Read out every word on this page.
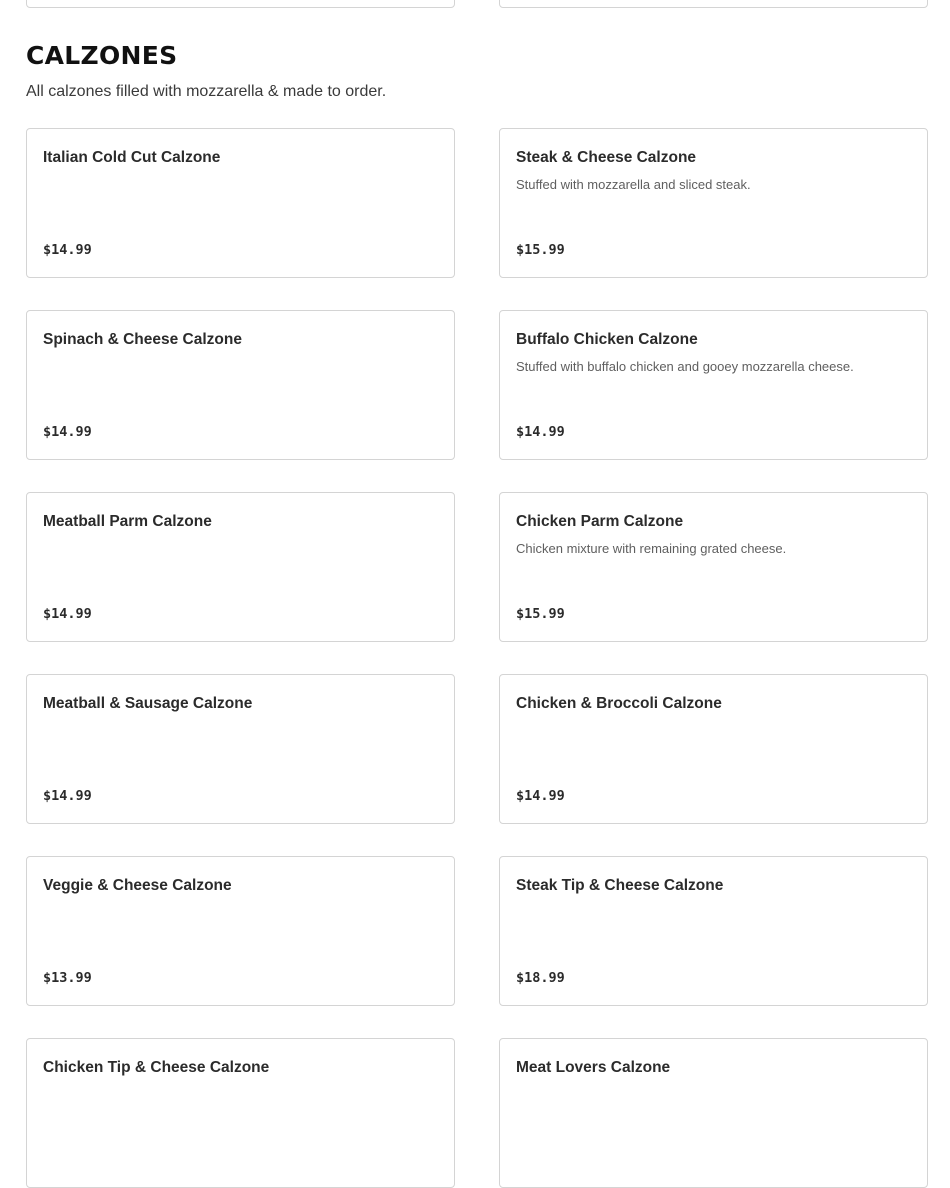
CALZONES

All calzones filled with mozzarella & made to order.

Italian Cold Cut Calzone
$14.99
Steak & Cheese Calzone
Stuffed with mozzarella and sliced steak.
$15.99
Spinach & Cheese Calzone
$14.99
Buffalo Chicken Calzone
Stuffed with buffalo chicken and gooey mozzarella cheese.
$14.99
Meatball Parm Calzone
$14.99
Chicken Parm Calzone
Chicken mixture with remaining grated cheese.
$15.99
Meatball & Sausage Calzone
$14.99
Chicken & Broccoli Calzone
$14.99
Veggie & Cheese Calzone
$13.99
Steak Tip & Cheese Calzone
$18.99
Chicken Tip & Cheese Calzone	Meat Lovers Calzone
